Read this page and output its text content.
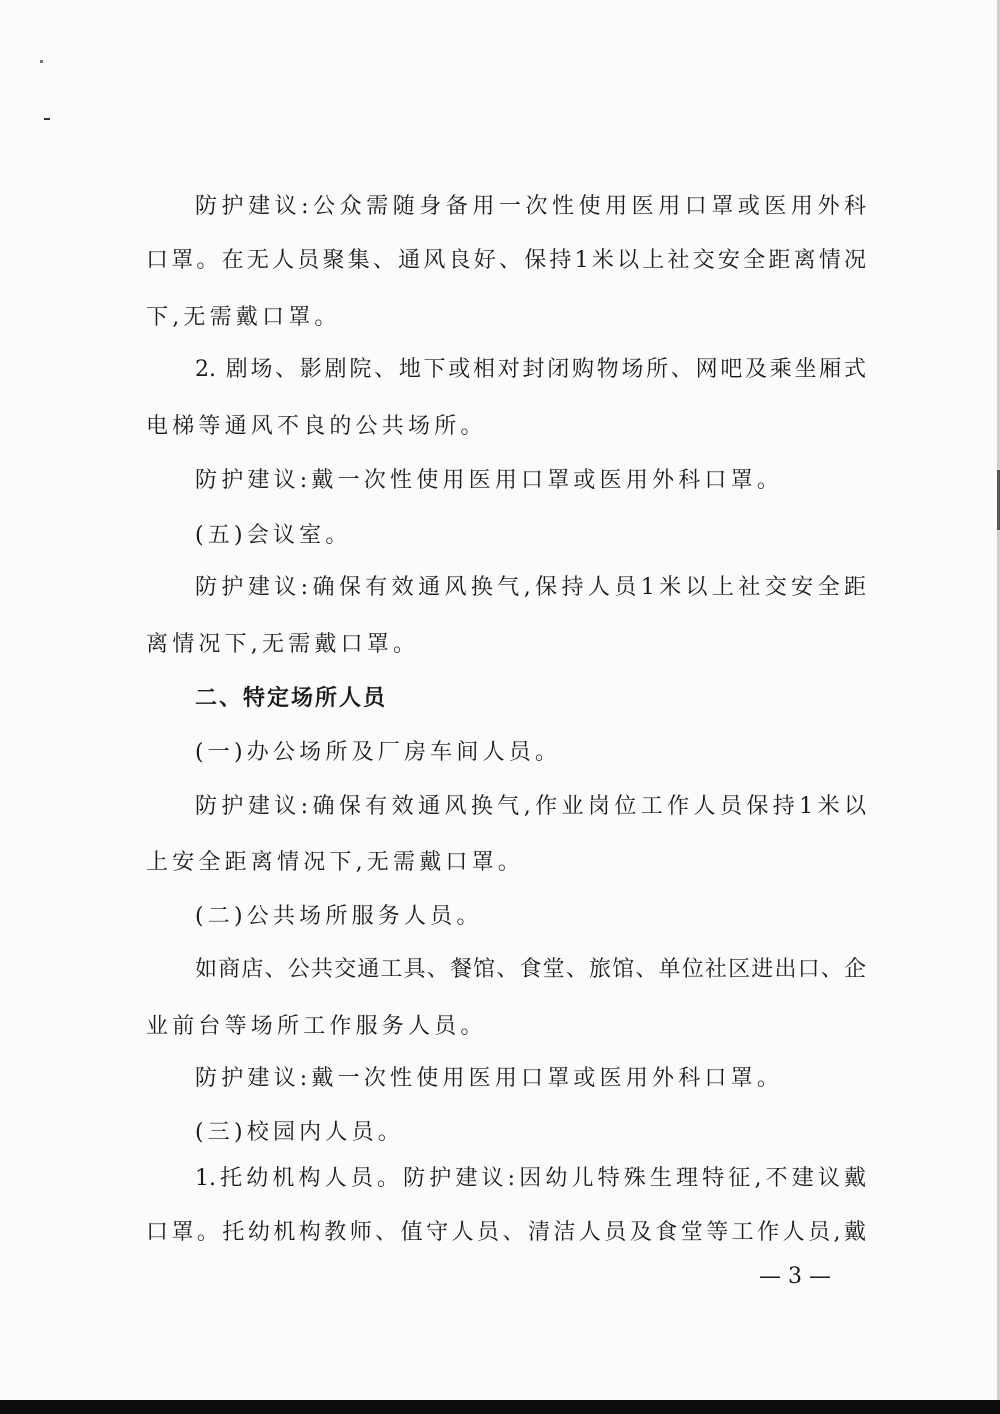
防护建议:公众需随身备用一次性使用医用口罩或医用外科
口罩。在无人员聚集、通风良好、保持1米以上社交安全距离情况
下,无需戴口罩。
2. 剧场、影剧院、地下或相对封闭购物场所、网吧及乘坐厢式
电梯等通风不良的公共场所。
防护建议:戴一次性使用医用口罩或医用外科口罩。
(五)会议室。
防护建议:确保有效通风换气,保持人员1米以上社交安全距
离情况下,无需戴口罩。
二、特定场所人员
(一)办公场所及厂房车间人员。
防护建议:确保有效通风换气,作业岗位工作人员保持1米以
上安全距离情况下,无需戴口罩。
(二)公共场所服务人员。
如商店、公共交通工具、餐馆、食堂、旅馆、单位社区进出口、企
业前台等场所工作服务人员。
防护建议:戴一次性使用医用口罩或医用外科口罩。
(三)校园内人员。
1.托幼机构人员。防护建议:因幼儿特殊生理特征,不建议戴
口罩。托幼机构教师、值守人员、清洁人员及食堂等工作人员,戴
— 3 —
